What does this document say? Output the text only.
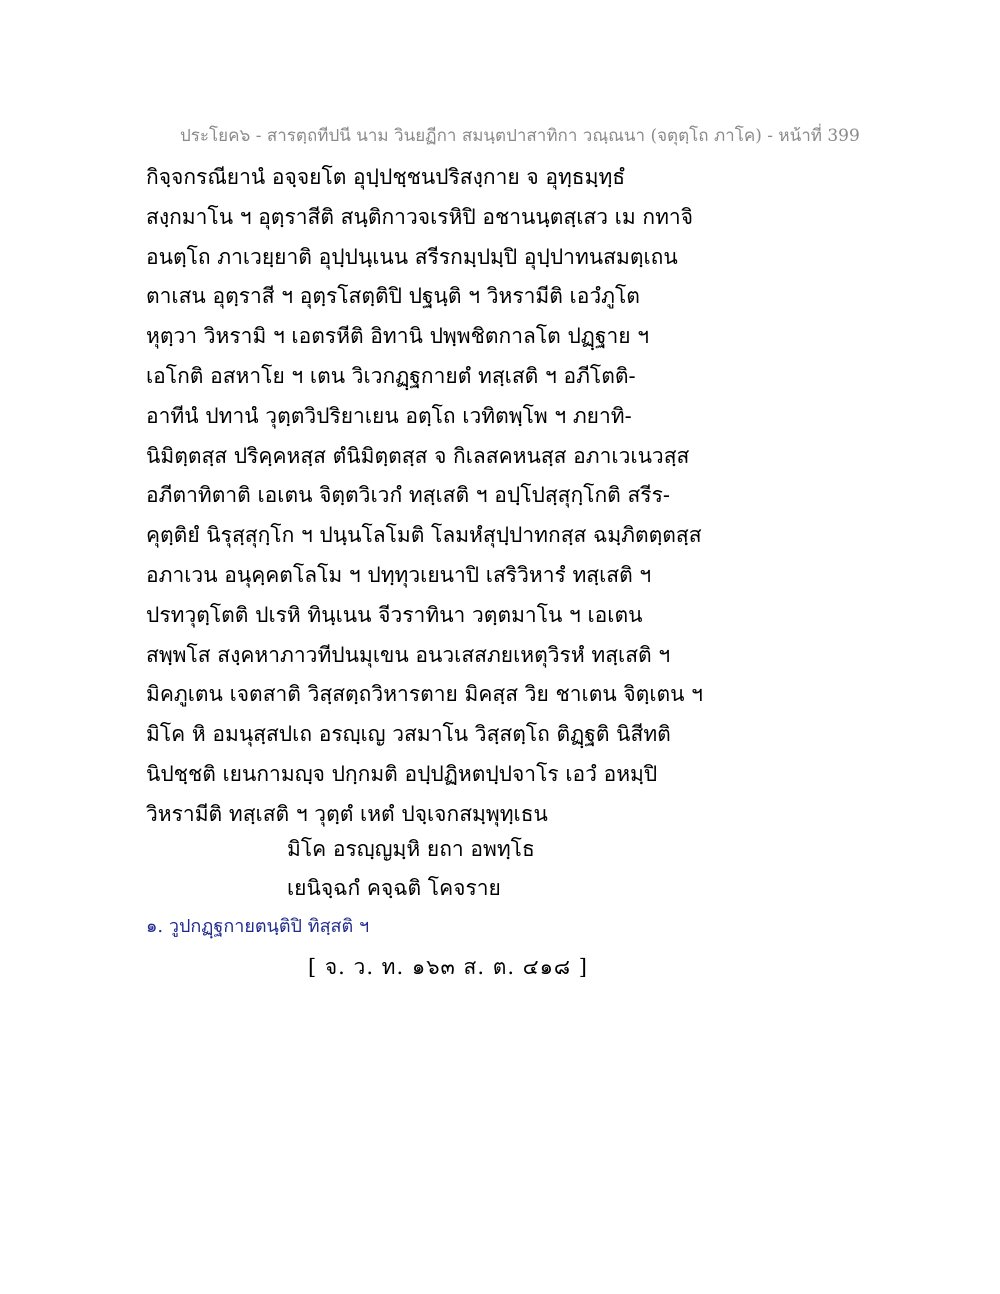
ประโยค๖ - สารตฺถทีปนี นาม วินยฏีกา สมนฺตปาสาทิกา วณฺณนา (จตุตฺโถ ภาโค) - หน้าที่ 399
กิจฺจกรณียานํ อจฺจยโต อุปฺปชฺชนปริสงฺกาย จ อุทฺธมฺทฺธํ
สงฺกมาโน ฯ อุตฺราสีติ สนฺติกาวจเรหิปิ อชานนฺตสฺเสว เม กทาจิ
อนตฺโถ ภาเวยฺยาติ อุปฺปนฺเนน สรีรกมฺปมฺปิ อุปฺปาทนสมตฺเถน
ตาเสน อุตฺราสี ฯ อุตฺรโสตฺติปิ ปฐนฺติ ฯ วิหรามีติ เอวํภูโต
หุตฺวา วิหรามิ ฯ เอตรหีติ อิทานิ ปพฺพชิตกาลโต ปฏฺฐาย ฯ
เอโกติ อสหาโย ฯ เตน วิเวกฏฺฐกายตํ ทสฺเสติ ฯ อภีโตติ-
อาทีนํ ปทานํ วุตฺตวิปริยาเยน อตฺโถ เวทิตพฺโพ ฯ ภยาทิ-
นิมิตฺตสฺส ปริคฺคหสฺส ตํนิมิตฺตสฺส จ กิเลสคหนสฺส อภาเวเนวสฺส
อภีตาทิตาติ เอเตน จิตฺตวิเวกํ ทสฺเสติ ฯ อปฺโปสฺสุกฺโกติ สรีร-
คุตฺติยํ นิรุสฺสุกฺโก ฯ ปนฺนโลโมติ โลมหํสุปฺปาทกสฺส ฉมฺภิตตฺตสฺส
อภาเวน อนุคฺคตโลโม ฯ ปทฺทุวเยนาปิ เสริวิหารํ ทสฺเสติ ฯ
ปรทวุตฺโตติ ปเรหิ ทินฺเนน จีวราทินา วตฺตมาโน ฯ เอเตน
สพฺพโส สงฺคหาภาวทีปนมุเขน อนวเสสภยเหตุวิรหํ ทสฺเสติ ฯ
มิคภูเตน เจตสาติ วิสฺสตฺถวิหารตาย มิคสฺส วิย ชาเตน จิตฺเตน ฯ
มิโค หิ อมนุสฺสปเถ อรญฺเญ วสมาโน วิสฺสตฺโถ ติฏฺฐติ นิสีทติ
นิปชฺชติ เยนกามญฺจ ปกฺกมติ อปฺปฏิหตปฺปจาโร เอวํ อหมฺปิ
วิหรามีติ ทสฺเสติ ฯ วุตฺตํ เหตํ ปจฺเจกสมฺพุทฺเธน
มิโค อรญฺญมฺหิ ยถา อพทฺโธ
เยนิจฺฉกํ คจฺฉติ โคจราย
๑. วูปกฏฺฐกายตนฺติปิ ทิสฺสติ ฯ
[ จ. ว. ท. ๑๖๓ ส. ต. ๔๑๘ ]
